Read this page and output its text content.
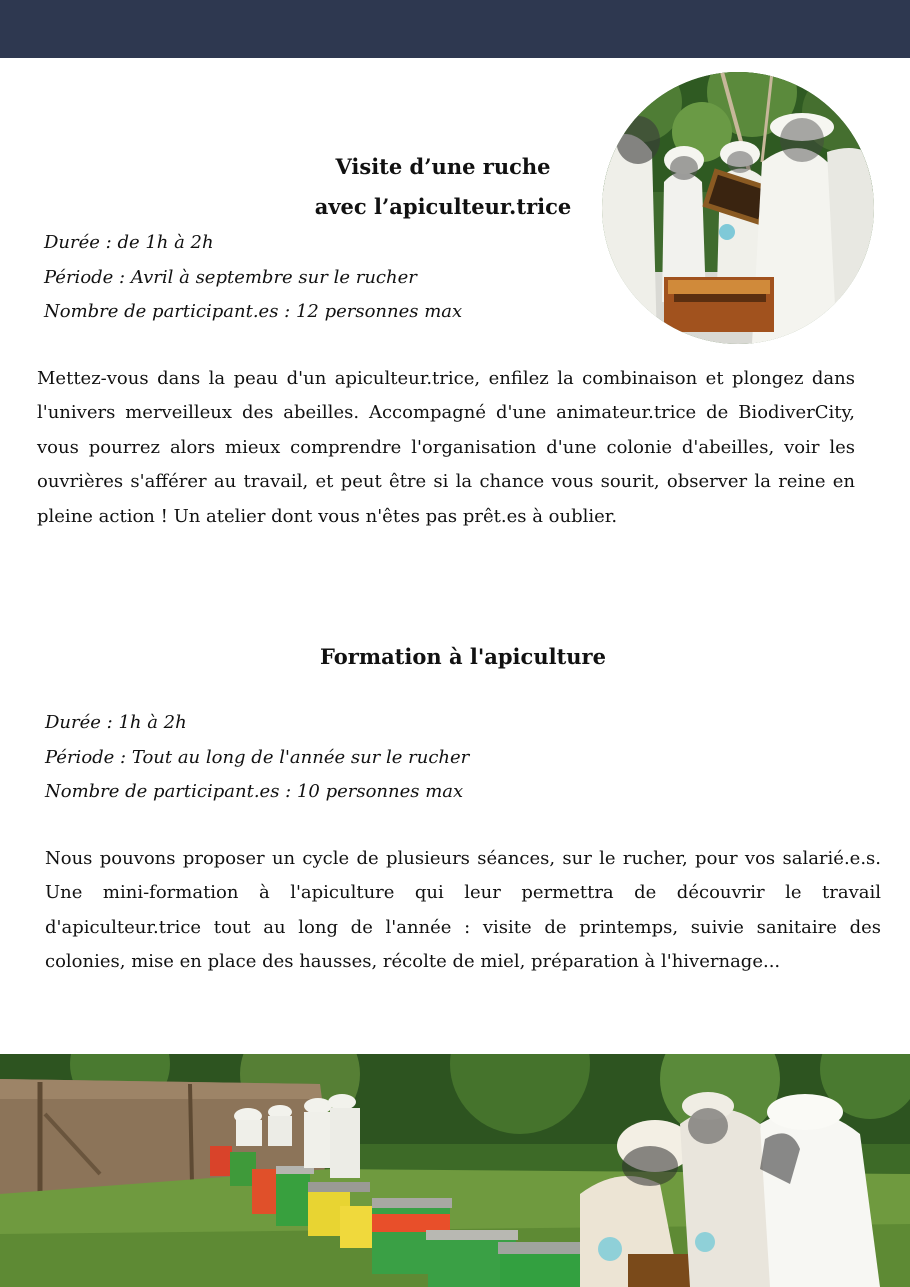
Visite d’une ruche

avec l’apiculteur.trice

Durée : de 1h à 2h

Période : Avril à septembre sur le rucher

Nombre de participant.es : 12 personnes max

Mettez-vous dans la peau d'un apiculteur.trice, enfilez la combinaison et plongez dans l'univers merveilleux des abeilles. Accompagné d'une animateur.trice de BiodiverCity, vous pourrez alors mieux comprendre l'organisation d'une colonie d'abeilles, voir les ouvrières s'afférer au travail, et peut être si la chance vous sourit, observer la reine en pleine action ! Un atelier dont vous n'êtes pas prêt.es à oublier.

Formation à l'apiculture

Durée : 1h à 2h

Période : Tout au long de l'année sur le rucher

Nombre de participant.es : 10 personnes max

Nous pouvons proposer un cycle de plusieurs séances, sur le rucher, pour vos salarié.e.s. Une mini-formation à l'apiculture qui leur permettra de découvrir le travail d'apiculteur.trice tout au long de l'année : visite de printemps, suivie sanitaire des colonies, mise en place des hausses, récolte de miel, préparation à l'hivernage...
